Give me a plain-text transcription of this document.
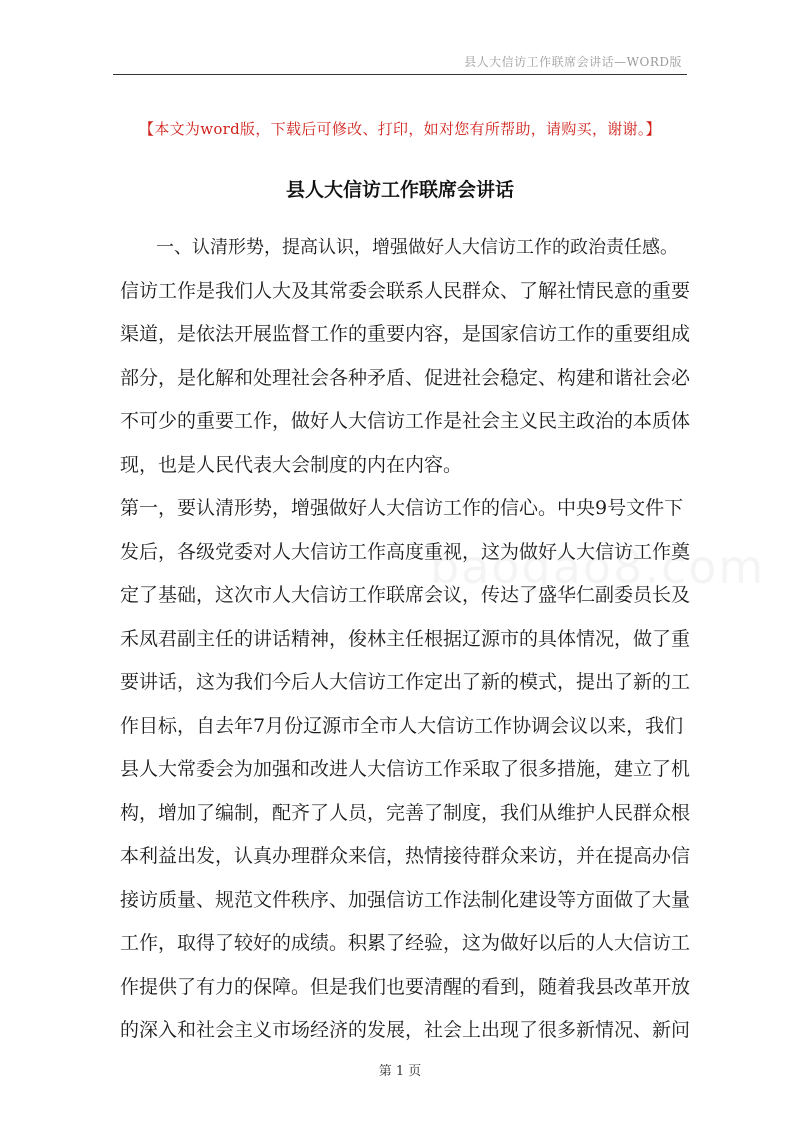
县人大信访工作联席会讲话—WORD版
【本文为word版，下载后可修改、打印，如对您有所帮助，请购买，谢谢。】
县人大信访工作联席会讲话
　　一、认清形势，提高认识，增强做好人大信访工作的政治责任感。
信访工作是我们人大及其常委会联系人民群众、了解社情民意的重要
渠道，是依法开展监督工作的重要内容，是国家信访工作的重要组成
部分，是化解和处理社会各种矛盾、促进社会稳定、构建和谐社会必
不可少的重要工作，做好人大信访工作是社会主义民主政治的本质体
现，也是人民代表大会制度的内在内容。
第一，要认清形势，增强做好人大信访工作的信心。中央9号文件下
发后，各级党委对人大信访工作高度重视，这为做好人大信访工作奠
定了基础，这次市人大信访工作联席会议，传达了盛华仁副委员长及
禾凤君副主任的讲话精神，俊林主任根据辽源市的具体情况，做了重
要讲话，这为我们今后人大信访工作定出了新的模式，提出了新的工
作目标，自去年7月份辽源市全市人大信访工作协调会议以来，我们
县人大常委会为加强和改进人大信访工作采取了很多措施，建立了机
构，增加了编制，配齐了人员，完善了制度，我们从维护人民群众根
本利益出发，认真办理群众来信，热情接待群众来访，并在提高办信
接访质量、规范文件秩序、加强信访工作法制化建设等方面做了大量
工作，取得了较好的成绩。积累了经验，这为做好以后的人大信访工
作提供了有力的保障。但是我们也要清醒的看到，随着我县改革开放
的深入和社会主义市场经济的发展，社会上出现了很多新情况、新问
第 1 页
